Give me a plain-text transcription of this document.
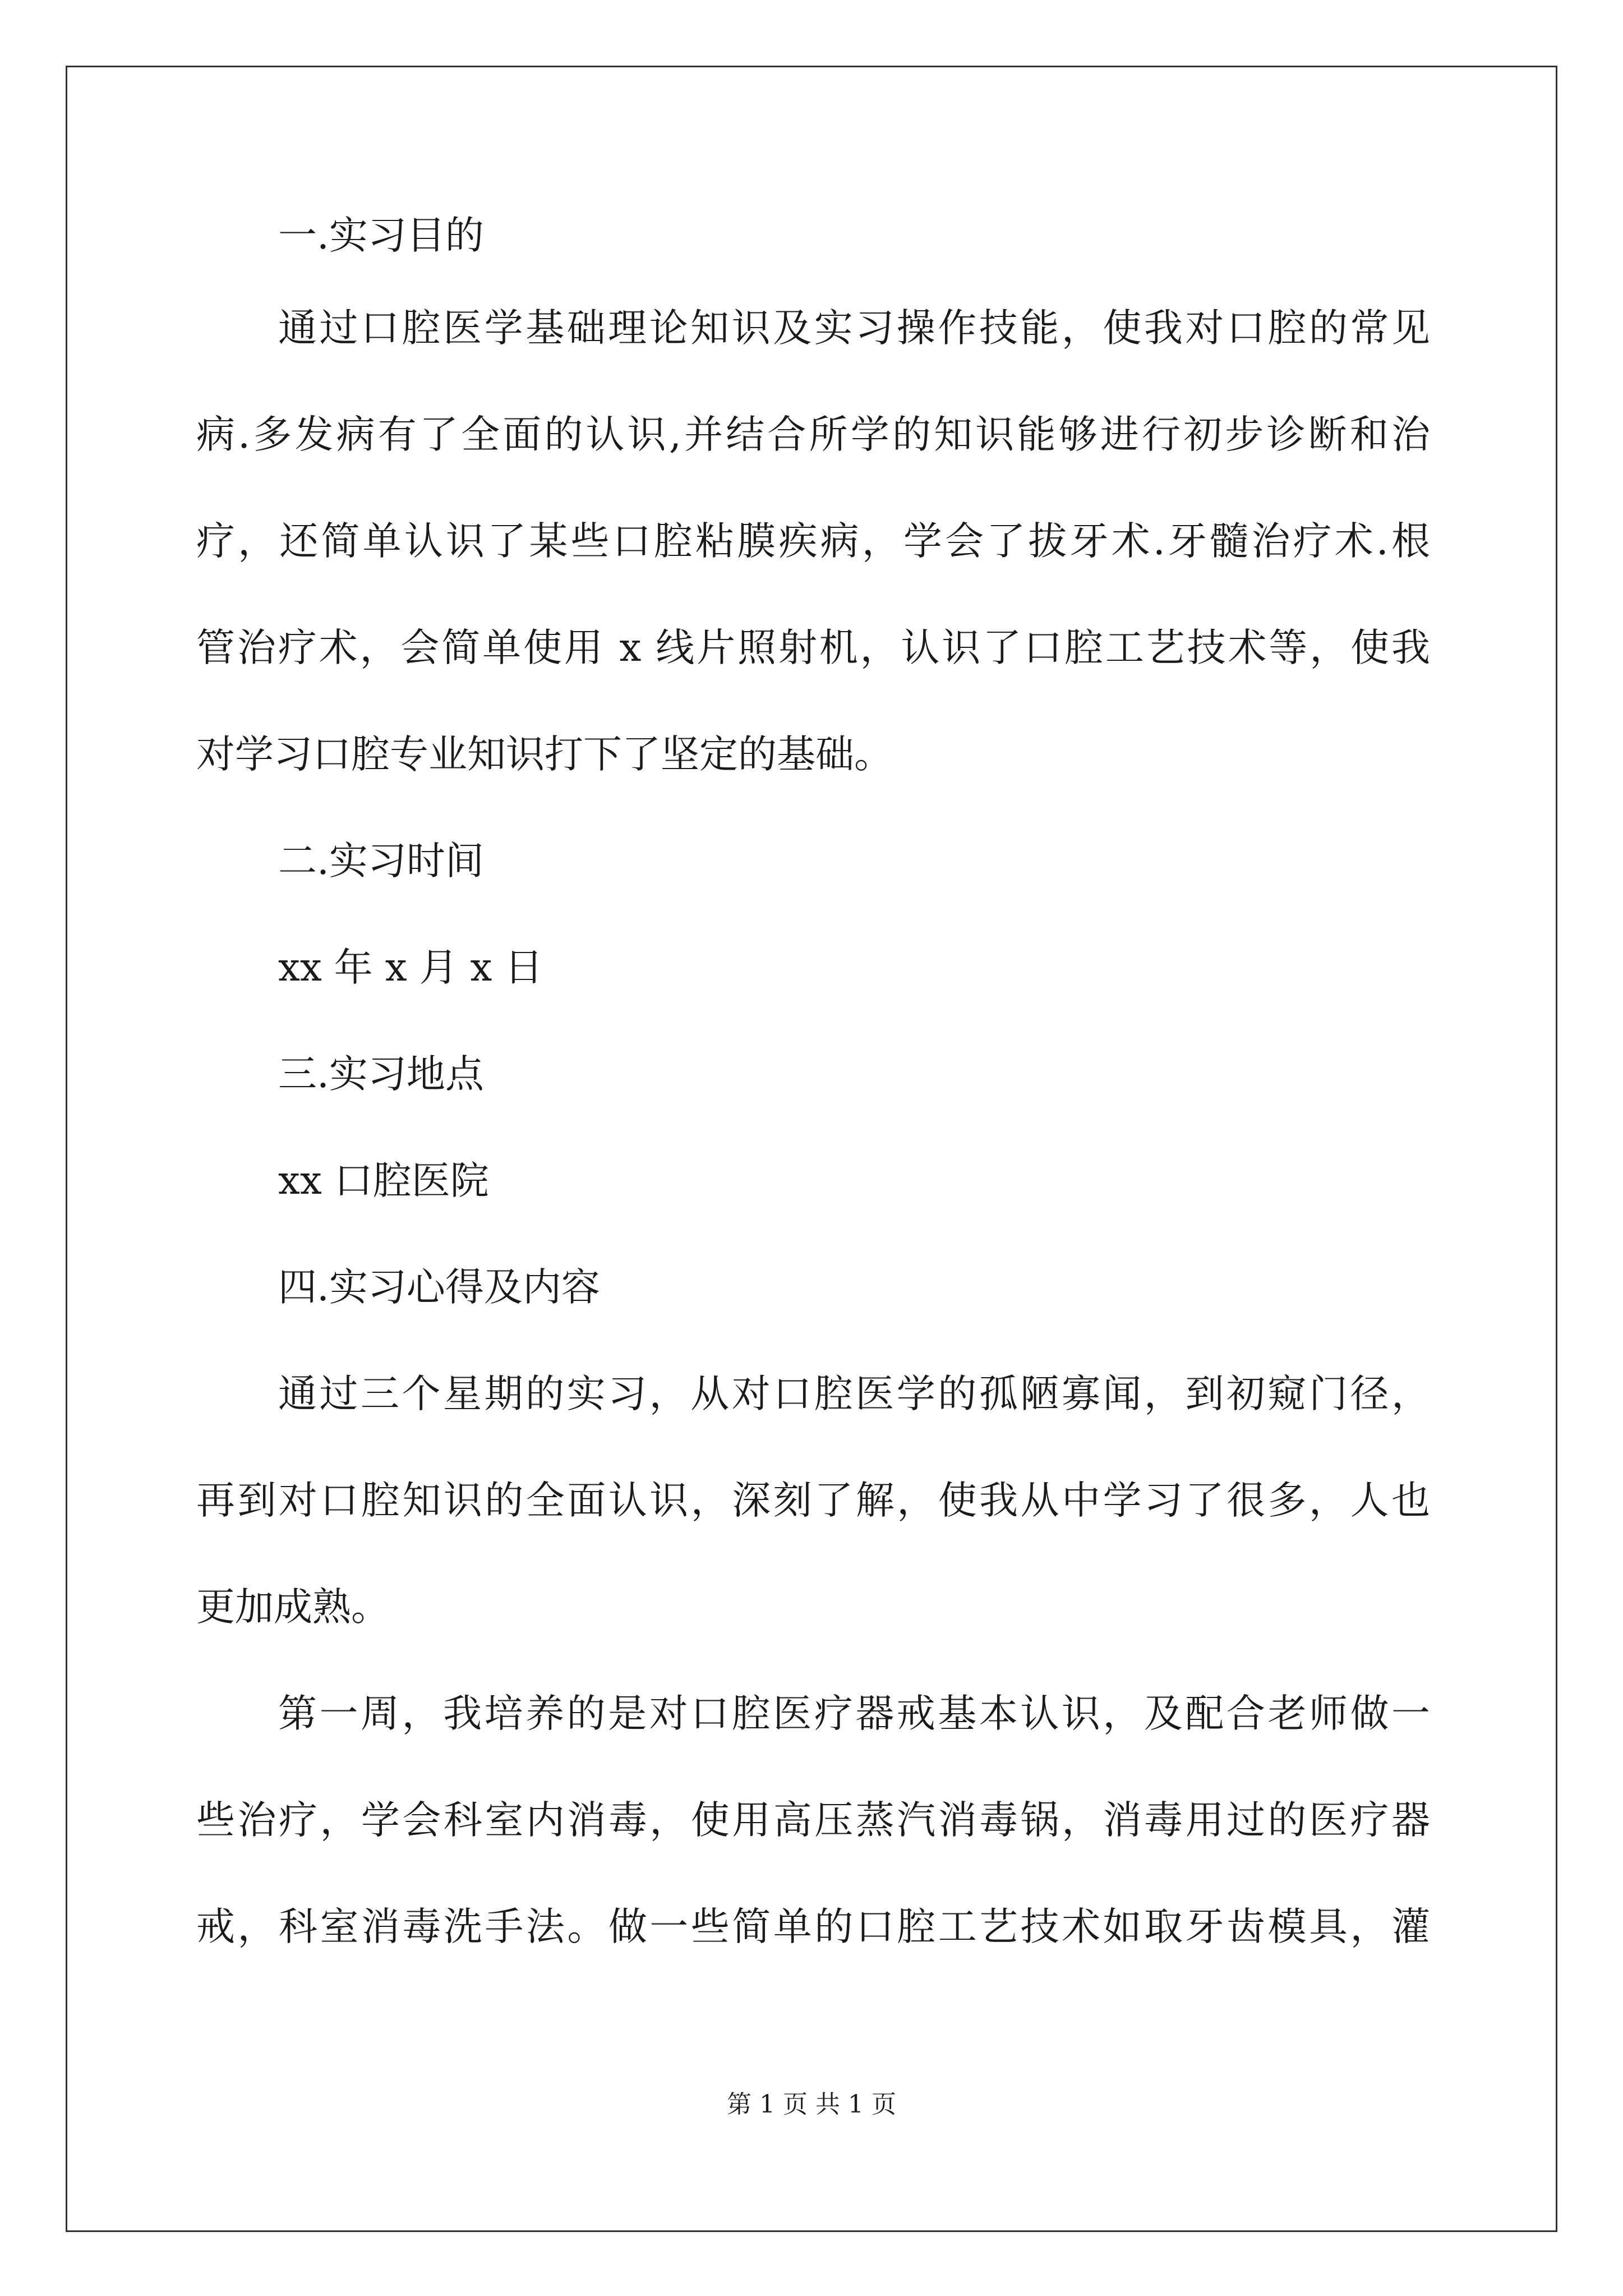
一.实习目的
通过口腔医学基础理论知识及实习操作技能，使我对口腔的常见
病.多发病有了全面的认识,并结合所学的知识能够进行初步诊断和治
疗，还简单认识了某些口腔粘膜疾病，学会了拔牙术.牙髓治疗术.根
管治疗术，会简单使用 x 线片照射机，认识了口腔工艺技术等，使我
对学习口腔专业知识打下了坚定的基础。
二.实习时间
xx 年 x 月 x 日
三.实习地点
xx 口腔医院
四.实习心得及内容
通过三个星期的实习，从对口腔医学的孤陋寡闻，到初窥门径，
再到对口腔知识的全面认识，深刻了解，使我从中学习了很多，人也
更加成熟。
第一周，我培养的是对口腔医疗器戒基本认识，及配合老师做一
些治疗，学会科室内消毒，使用高压蒸汽消毒锅，消毒用过的医疗器
戒，科室消毒洗手法。做一些简单的口腔工艺技术如取牙齿模具，灌
第 1 页 共 1 页
